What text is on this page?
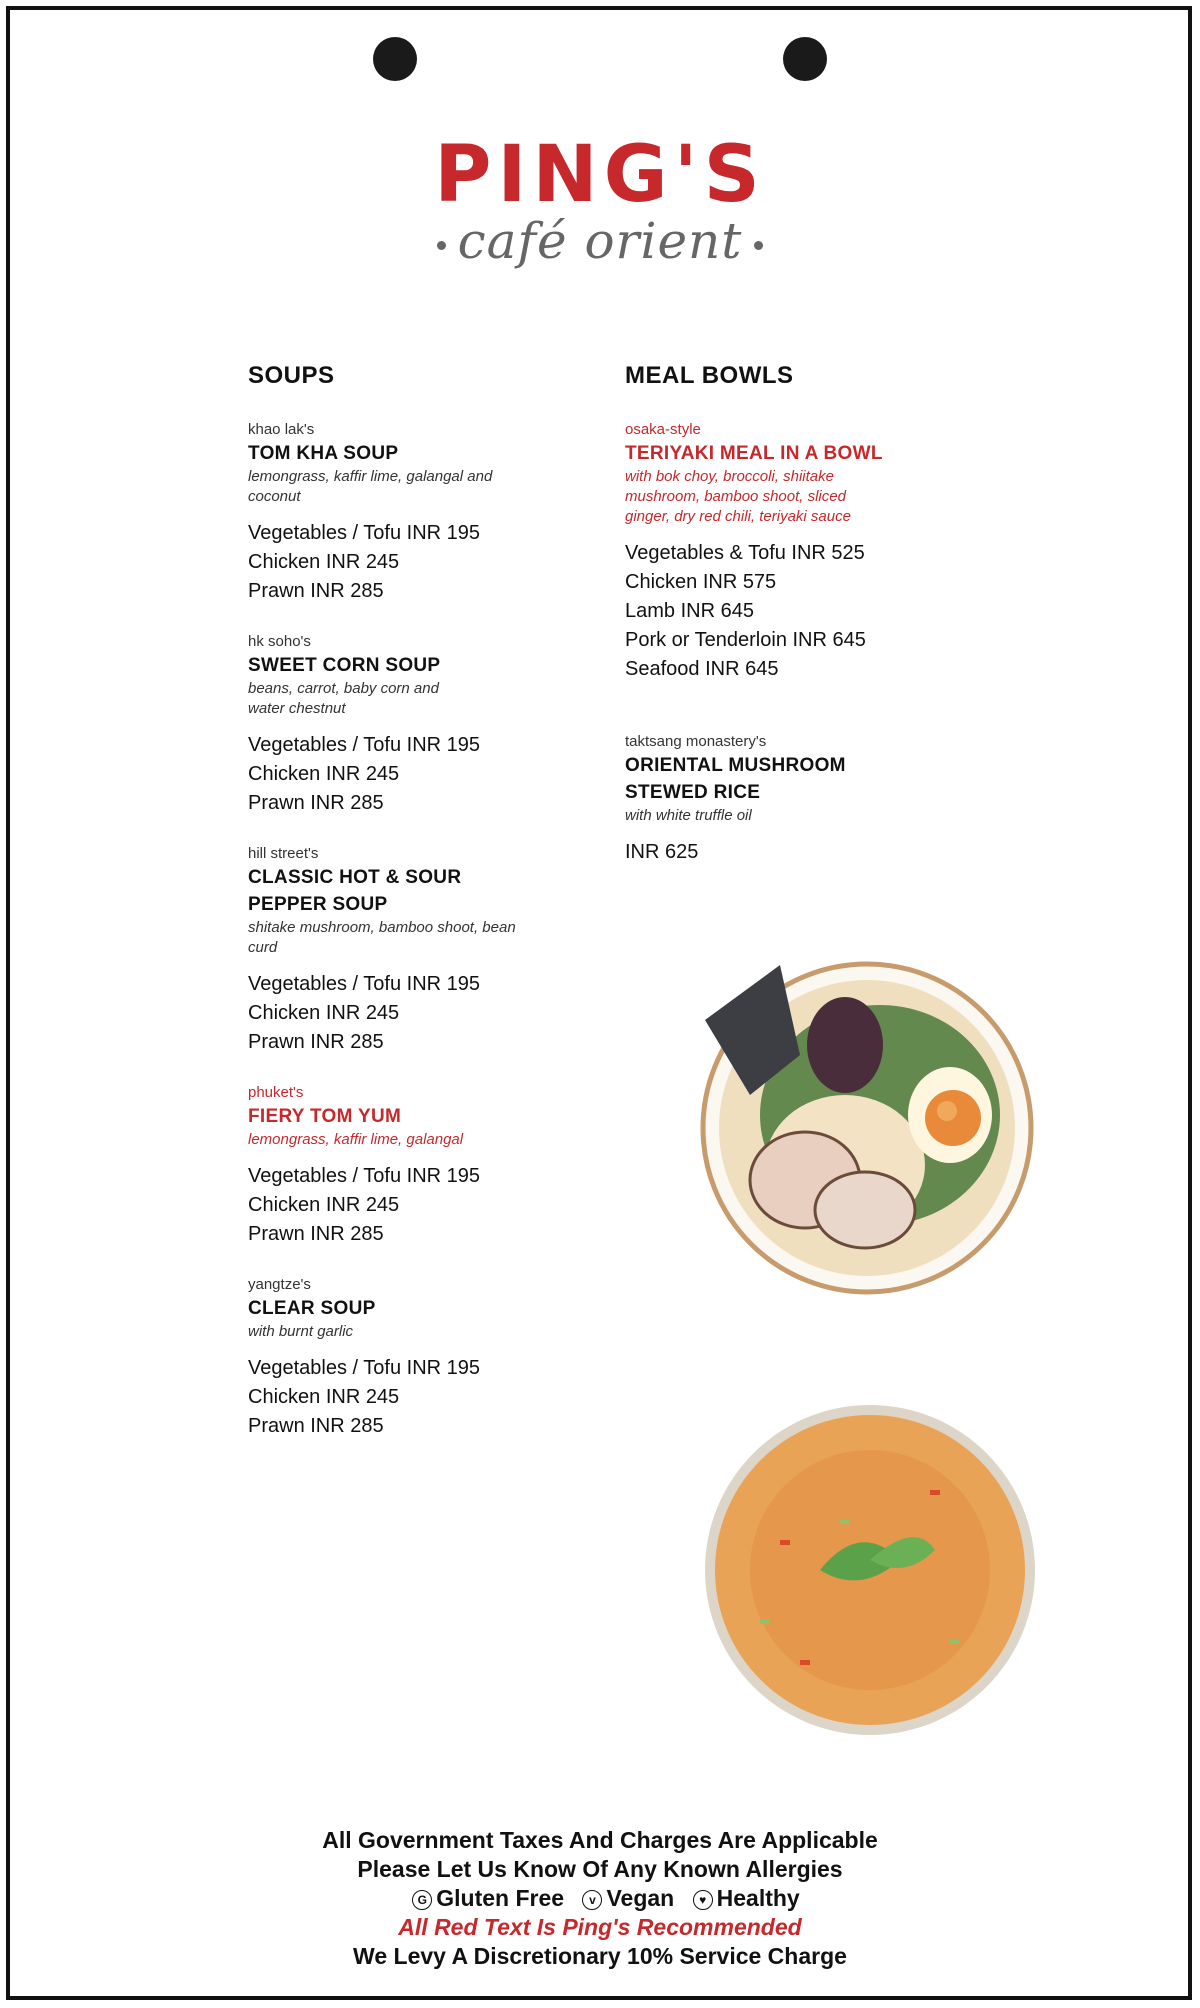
PING'S
café orient
SOUPS
khao lak's
TOM KHA SOUP
lemongrass, kaffir lime, galangal and coconut
Vegetables / Tofu INR 195
Chicken INR 245
Prawn INR 285
hk soho's
SWEET CORN SOUP
beans, carrot, baby corn and water chestnut
Vegetables / Tofu INR 195
Chicken INR 245
Prawn INR 285
hill street's
CLASSIC HOT & SOUR PEPPER SOUP
shitake mushroom, bamboo shoot, bean curd
Vegetables / Tofu INR 195
Chicken INR 245
Prawn INR 285
phuket's
FIERY TOM YUM
lemongrass, kaffir lime, galangal
Vegetables / Tofu INR 195
Chicken INR 245
Prawn INR 285
yangtze's
CLEAR SOUP
with burnt garlic
Vegetables / Tofu INR 195
Chicken INR 245
Prawn INR 285
MEAL BOWLS
osaka-style
TERIYAKI MEAL IN A BOWL
with bok choy, broccoli, shiitake mushroom, bamboo shoot, sliced ginger, dry red chili, teriyaki sauce
Vegetables & Tofu INR 525
Chicken INR 575
Lamb INR 645
Pork or Tenderloin INR 645
Seafood INR 645
taktsang monastery's
ORIENTAL MUSHROOM STEWED RICE
with white truffle oil
INR 625
All Government Taxes And Charges Are Applicable
Please Let Us Know Of Any Known Allergies
G Gluten Free v Vegan ♥ Healthy
All Red Text Is Ping's Recommended
We Levy A Discretionary 10% Service Charge
